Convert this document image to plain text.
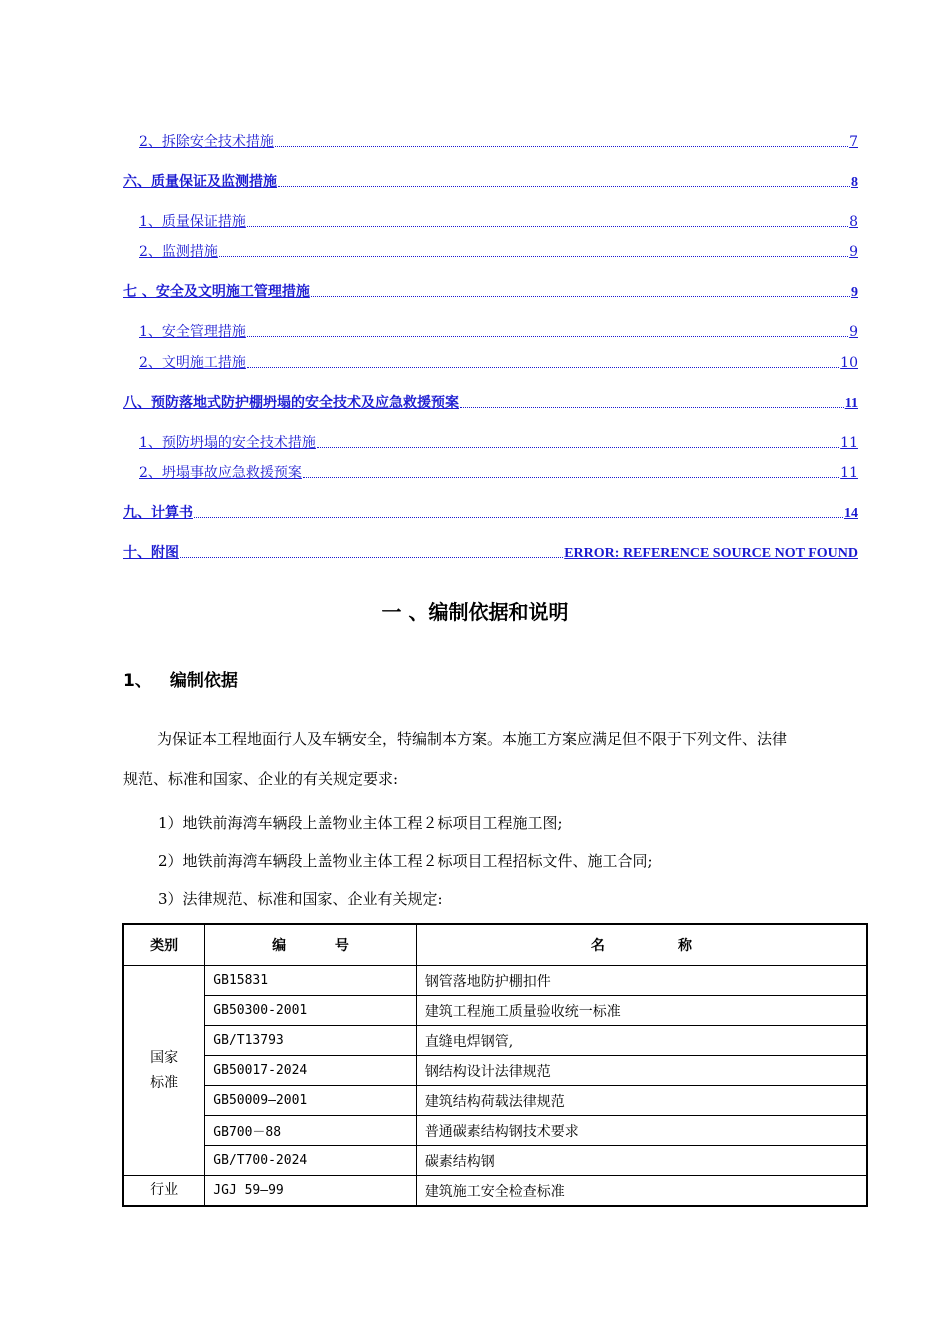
2、拆除安全技术措施	7
六、质量保证及监测措施	8
1、质量保证措施	8
2、监测措施	9
七 、安全及文明施工管理措施	9
1、安全管理措施	9
2、文明施工措施	10
八、预防落地式防护棚坍塌的安全技术及应急救援预案	11
1、预防坍塌的安全技术措施	11
2、坍塌事故应急救援预案	11
九、计算书	14
十、附图	ERROR: REFERENCE SOURCE NOT FOUND
一 、编制依据和说明
1、 编制依据
为保证本工程地面行人及车辆安全，特编制本方案。本施工方案应满足但不限于下列文件、法律
规范、标准和国家、企业的有关规定要求:
1）地铁前海湾车辆段上盖物业主体工程２标项目工程施工图;
2）地铁前海湾车辆段上盖物业主体工程２标项目工程招标文件、施工合同;
3）法律规范、标准和国家、企业有关规定:
类别	编          号	名               称
国家
标准	GB15831	钢管落地防护棚扣件
	GB50300-2001	建筑工程施工质量验收统一标准
	GB/T13793	直缝电焊钢管,
	GB50017-2024	钢结构设计法律规范
	GB50009—2001	建筑结构荷载法律规范
	GB700－88	普通碳素结构钢技术要求
	GB/T700-2024	碳素结构钢
行业	JGJ 59—99	建筑施工安全检查标准
